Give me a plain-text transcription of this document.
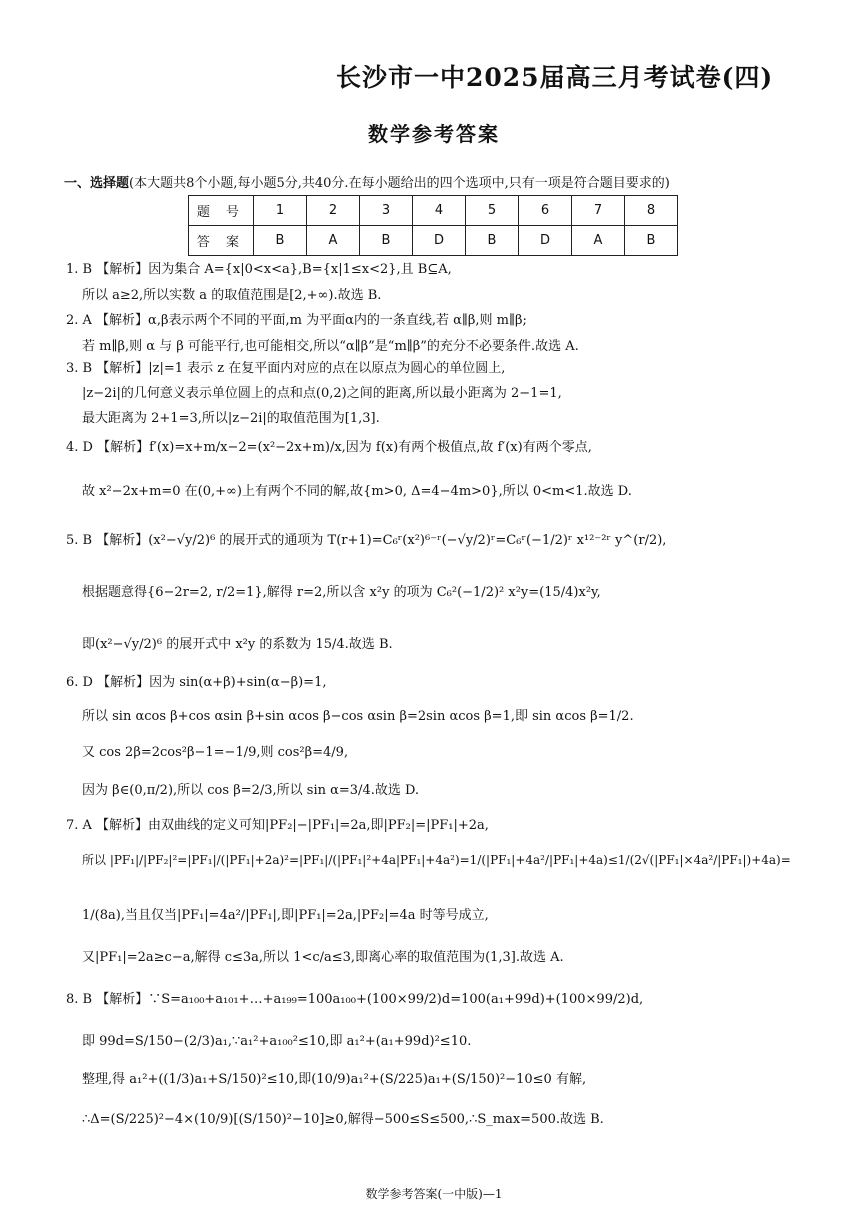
长沙市一中2025届高三月考试卷(四)
数学参考答案
一、选择题(本大题共8个小题,每小题5分,共40分.在每小题给出的四个选项中,只有一项是符合题目要求的)
题 号	1	2	3	4	5	6	7	8
答 案	B	A	B	D	B	D	A	B
1. B 【解析】因为集合 A={x|0<x<a},B={x|1≤x<2},且 B⊆A,
所以 a≥2,所以实数 a 的取值范围是[2,+∞).故选 B.
2. A 【解析】α,β表示两个不同的平面,m 为平面α内的一条直线,若 α∥β,则 m∥β;
若 m∥β,则 α 与 β 可能平行,也可能相交,所以“α∥β”是“m∥β”的充分不必要条件.故选 A.
3. B 【解析】|z|=1 表示 z 在复平面内对应的点在以原点为圆心的单位圆上,
|z−2i|的几何意义表示单位圆上的点和点(0,2)之间的距离,所以最小距离为 2−1=1,
最大距离为 2+1=3,所以|z−2i|的取值范围为[1,3].
4. D 【解析】f′(x)=x+m/x−2=(x²−2x+m)/x,因为 f(x)有两个极值点,故 f′(x)有两个零点,
故 x²−2x+m=0 在(0,+∞)上有两个不同的解,故{m>0, Δ=4−4m>0},所以 0<m<1.故选 D.
5. B 【解析】(x²−√y/2)⁶ 的展开式的通项为 T(r+1)=C₆ʳ(x²)⁶⁻ʳ(−√y/2)ʳ=C₆ʳ(−1/2)ʳ x¹²⁻²ʳ y^(r/2),
根据题意得{6−2r=2, r/2=1},解得 r=2,所以含 x²y 的项为 C₆²(−1/2)² x²y=(15/4)x²y,
即(x²−√y/2)⁶ 的展开式中 x²y 的系数为 15/4.故选 B.
6. D 【解析】因为 sin(α+β)+sin(α−β)=1,
所以 sin αcos β+cos αsin β+sin αcos β−cos αsin β=2sin αcos β=1,即 sin αcos β=1/2.
又 cos 2β=2cos²β−1=−1/9,则 cos²β=4/9,
因为 β∈(0,π/2),所以 cos β=2/3,所以 sin α=3/4.故选 D.
7. A 【解析】由双曲线的定义可知|PF₂|−|PF₁|=2a,即|PF₂|=|PF₁|+2a,
所以 |PF₁|/|PF₂|²=|PF₁|/(|PF₁|+2a)²=|PF₁|/(|PF₁|²+4a|PF₁|+4a²)=1/(|PF₁|+4a²/|PF₁|+4a)≤1/(2√(|PF₁|×4a²/|PF₁|)+4a)=
1/(8a),当且仅当|PF₁|=4a²/|PF₁|,即|PF₁|=2a,|PF₂|=4a 时等号成立,
又|PF₁|=2a≥c−a,解得 c≤3a,所以 1<c/a≤3,即离心率的取值范围为(1,3].故选 A.
8. B 【解析】∵S=a₁₀₀+a₁₀₁+…+a₁₉₉=100a₁₀₀+(100×99/2)d=100(a₁+99d)+(100×99/2)d,
即 99d=S/150−(2/3)a₁,∵a₁²+a₁₀₀²≤10,即 a₁²+(a₁+99d)²≤10.
整理,得 a₁²+((1/3)a₁+S/150)²≤10,即(10/9)a₁²+(S/225)a₁+(S/150)²−10≤0 有解,
∴Δ=(S/225)²−4×(10/9)[(S/150)²−10]≥0,解得−500≤S≤500,∴S_max=500.故选 B.
数学参考答案(一中版)—1
